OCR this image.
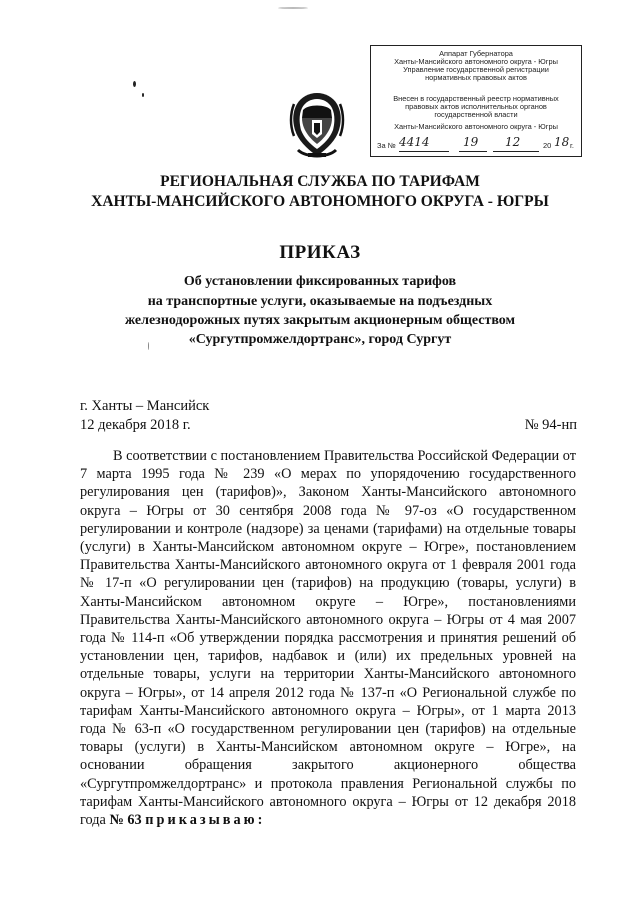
Аппарат Губернатора
Ханты-Мансийского автономного округа - Югры
Управление государственной регистрации
нормативных правовых актов
Внесен в государственный реестр нормативных
правовых актов исполнительных органов
государственной власти
Ханты-Мансийского автономного округа - Югры
За № 4414	19 12	20 18 г.
РЕГИОНАЛЬНАЯ СЛУЖБА ПО ТАРИФАМ
ХАНТЫ-МАНСИЙСКОГО АВТОНОМНОГО ОКРУГА - ЮГРЫ
ПРИКАЗ
Об установлении фиксированных тарифов
на транспортные услуги, оказываемые на подъездных
железнодорожных путях закрытым акционерным обществом
«Сургутпромжелдортранс», город Сургут
г. Ханты – Мансийск
12 декабря 2018 г.	№ 94-нп

В соответствии с постановлением Правительства Российской Федерации от 7 марта 1995 года № 239 «О мерах по упорядочению государственного регулирования цен (тарифов)», Законом Ханты-Мансийского автономного округа – Югры от 30 сентября 2008 года № 97-оз «О государственном регулировании и контроле (надзоре) за ценами (тарифами) на отдельные товары (услуги) в Ханты-Мансийском автономном округе – Югре», постановлением Правительства Ханты-Мансийского автономного округа от 1 февраля 2001 года № 17-п «О регулировании цен (тарифов) на продукцию (товары, услуги) в Ханты-Мансийском автономном округе – Югре», постановлениями Правительства Ханты-Мансийского автономного округа – Югры от 4 мая 2007 года № 114-п «Об утверждении порядка рассмотрения и принятия решений об установлении цен, тарифов, надбавок и (или) их предельных уровней на отдельные товары, услуги на территории Ханты-Мансийского автономного округа – Югры», от 14 апреля 2012 года № 137-п «О Региональной службе по тарифам Ханты-Мансийского автономного округа – Югры», от 1 марта 2013 года № 63-п «О государственном регулировании цен (тарифов) на отдельные товары (услуги) в Ханты-Мансийском автономном округе – Югре», на основании обращения закрытого акционерного общества «Сургутпромжелдортранс» и протокола правления Региональной службы по тарифам Ханты-Мансийского автономного округа – Югры от 12 декабря 2018 года № 63 приказываю:
